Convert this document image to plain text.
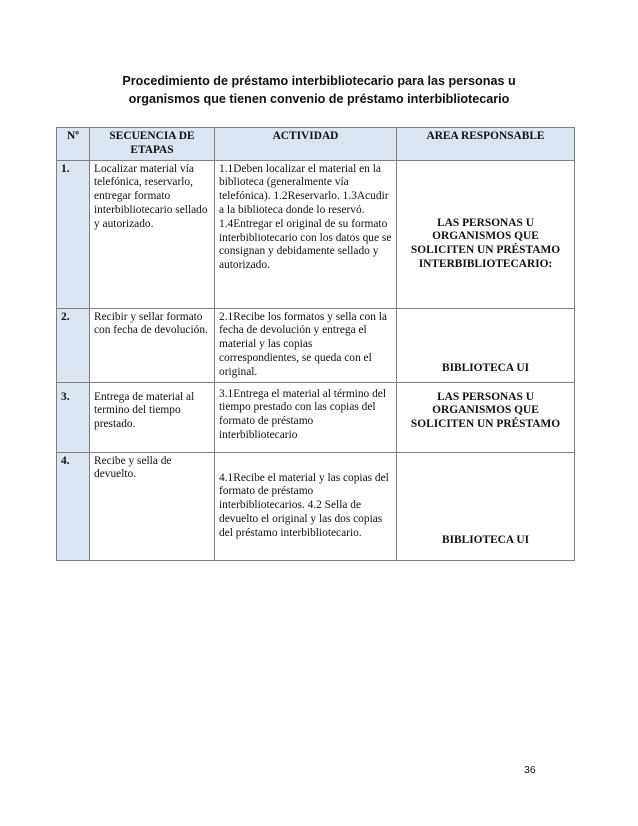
Procedimiento de préstamo interbibliotecario para las personas u
organismos que tienen convenio de préstamo interbibliotecario
Nº	SECUENCIA DE ETAPAS	ACTIVIDAD	AREA RESPONSABLE
1.	Localizar material vía telefónica, reservarlo, entregar formato interbibliotecario sellado y autorizado.	1.1Deben localizar el material en la biblioteca (generalmente vía telefónica). 1.2Reservarlo. 1.3Acudir a la biblioteca donde lo reservó. 1.4Entregar el original de su formato interbibliotecario con los datos que se consignan y debidamente sellado y autorizado.	LAS PERSONAS U ORGANISMOS QUE SOLICITEN UN PRÉSTAMO INTERBIBLIOTECARIO:
2.	Recibir y sellar formato con fecha de devolución.	2.1Recibe los formatos y sella con la fecha de devolución y entrega el material y las copias correspondientes, se queda con el original.	BIBLIOTECA UI
3.	Entrega de material al termino del tiempo prestado.	3.1Entrega el material al término del tiempo prestado con las copias del formato de préstamo interbibliotecario	LAS PERSONAS U ORGANISMOS QUE SOLICITEN UN PRÉSTAMO
4.	Recibe y sella de devuelto.	4.1Recibe el material y las copias del formato de préstamo interbibliotecarios. 4.2 Sella de devuelto el original y las dos copias del préstamo interbibliotecario.	BIBLIOTECA UI
36
